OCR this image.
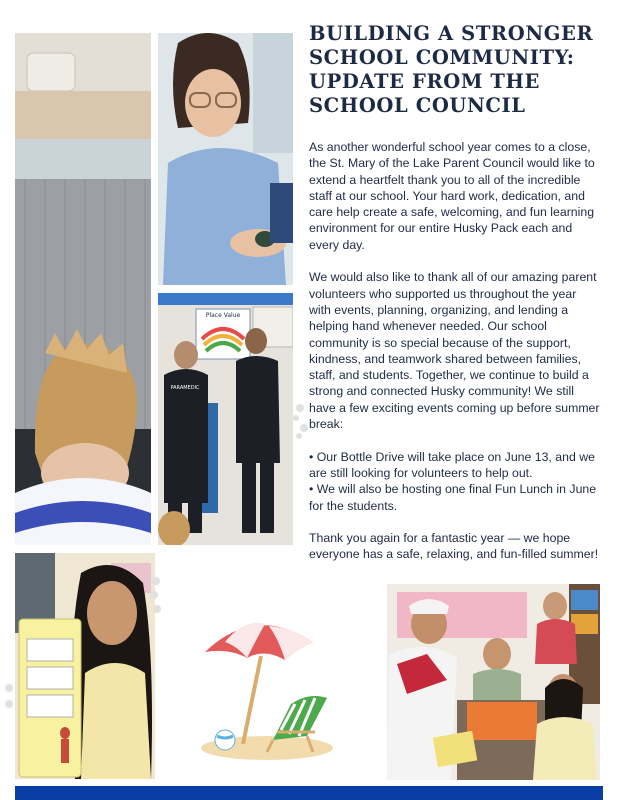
Place Value
PARAMEDIC
BUILDING A STRONGER SCHOOL COMMUNITY: UPDATE FROM THE SCHOOL COUNCIL

As another wonderful school year comes to a close, the St. Mary of the Lake Parent Council would like to extend a heartfelt thank you to all of the incredible staff at our school. Your hard work, dedication, and care help create a safe, welcoming, and fun learning environment for our entire Husky Pack each and every day.

We would also like to thank all of our amazing parent volunteers who supported us throughout the year with events, planning, organizing, and lending a helping hand whenever needed. Our school community is so special because of the support, kindness, and teamwork shared between families, staff, and students. Together, we continue to build a strong and connected Husky community! We still have a few exciting events coming up before summer break:

• Our Bottle Drive will take place on June 13, and we are still looking for volunteers to help out.

• We will also be hosting one final Fun Lunch in June for the students.

Thank you again for a fantastic year — we hope everyone has a safe, relaxing, and fun-filled summer!
